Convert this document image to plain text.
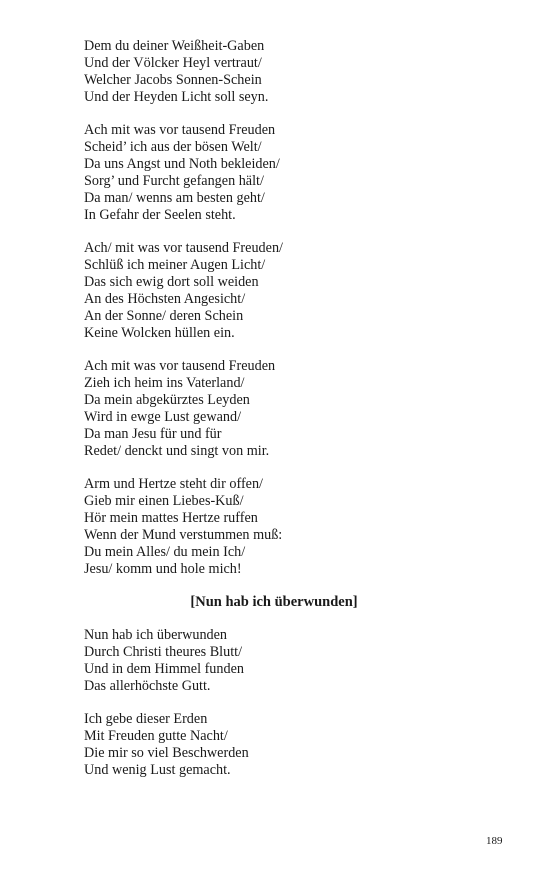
Dem du deiner Weißheit-Gaben
Und der Völcker Heyl vertraut/
Welcher Jacobs Sonnen-Schein
Und der Heyden Licht soll seyn.
Ach mit was vor tausend Freuden
Scheid’ ich aus der bösen Welt/
Da uns Angst und Noth bekleiden/
Sorg’ und Furcht gefangen hält/
Da man/ wenns am besten geht/
In Gefahr der Seelen steht.
Ach/ mit was vor tausend Freuden/
Schlüß ich meiner Augen Licht/
Das sich ewig dort soll weiden
An des Höchsten Angesicht/
An der Sonne/ deren Schein
Keine Wolcken hüllen ein.
Ach mit was vor tausend Freuden
Zieh ich heim ins Vaterland/
Da mein abgekürztes Leyden
Wird in ewge Lust gewand/
Da man Jesu für und für
Redet/ denckt und singt von mir.
Arm und Hertze steht dir offen/
Gieb mir einen Liebes-Kuß/
Hör mein mattes Hertze ruffen
Wenn der Mund verstummen muß:
Du mein Alles/ du mein Ich/
Jesu/ komm und hole mich!
[Nun hab ich überwunden]
Nun hab ich überwunden
Durch Christi theures Blutt/
Und in dem Himmel funden
Das allerhöchste Gutt.
Ich gebe dieser Erden
Mit Freuden gutte Nacht/
Die mir so viel Beschwerden
Und wenig Lust gemacht.
189
